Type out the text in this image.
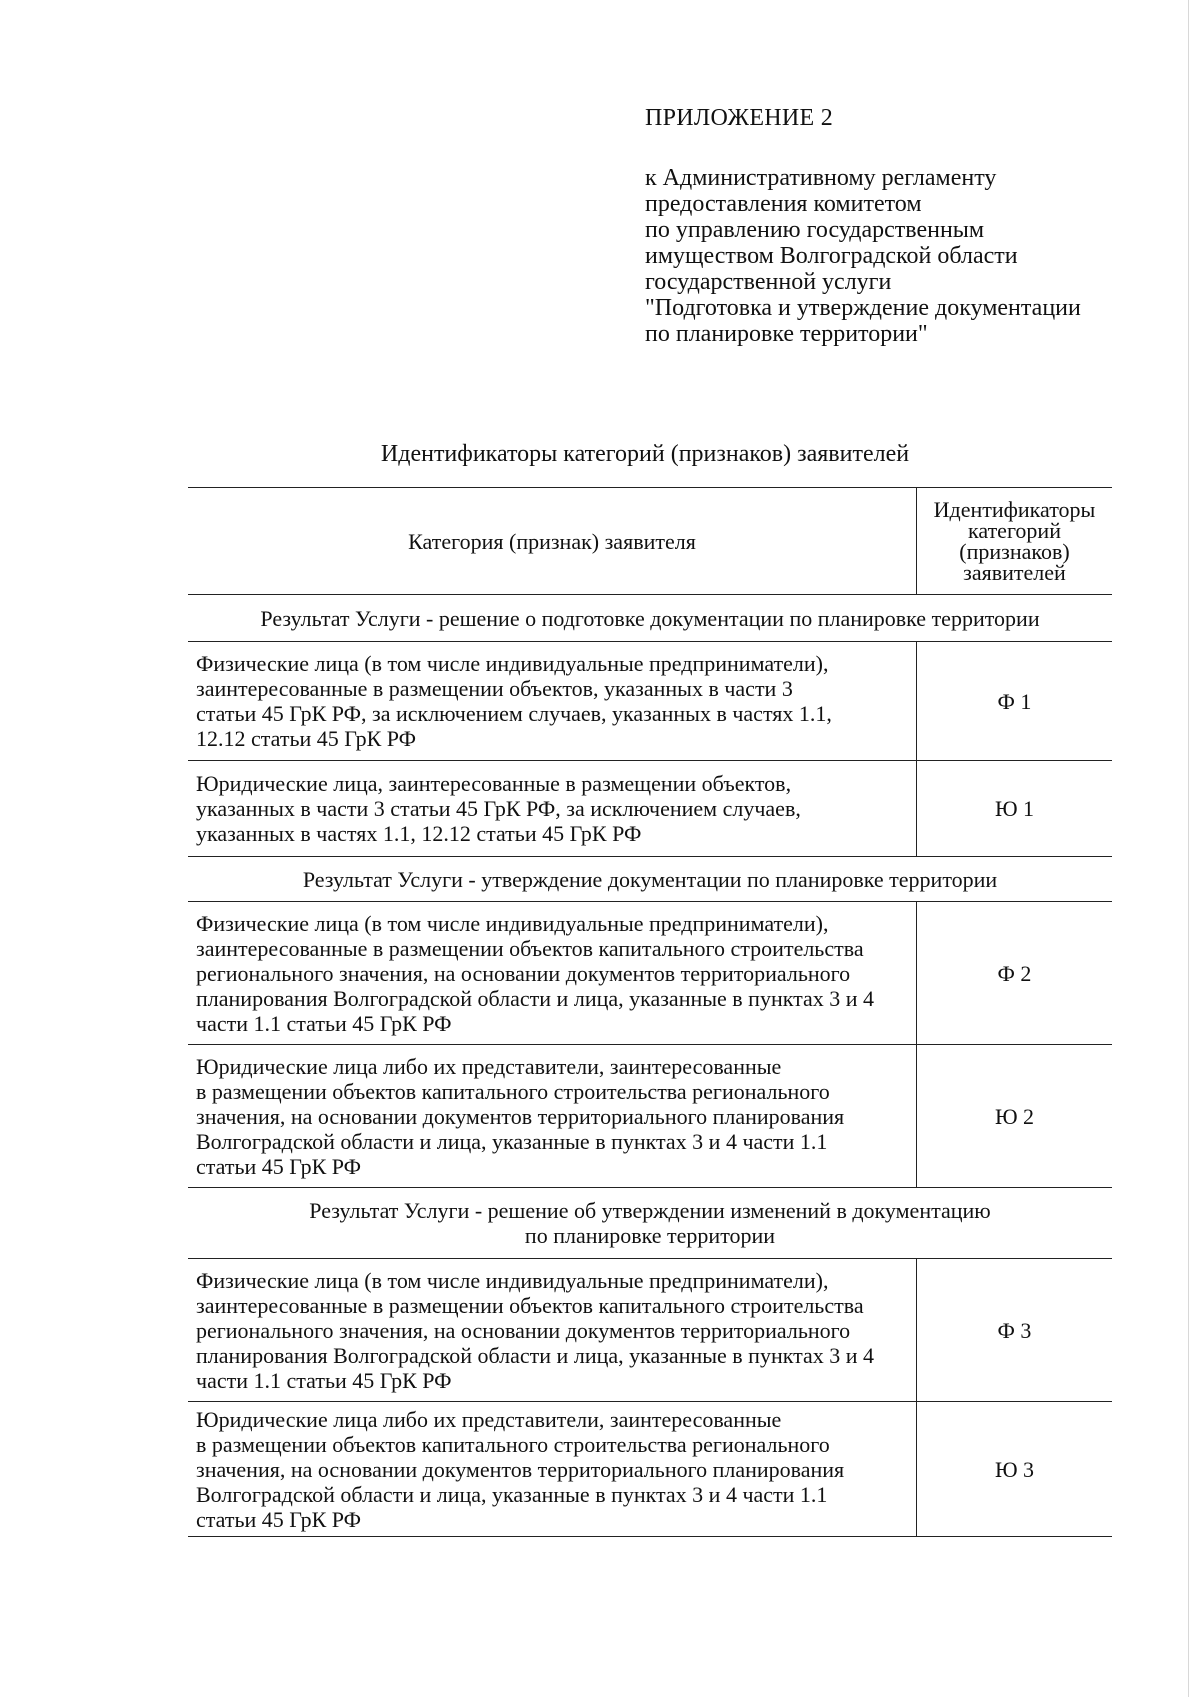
ПРИЛОЖЕНИЕ 2
к Административному регламенту
предоставления комитетом
по управлению государственным
имуществом Волгоградской области
государственной услуги
"Подготовка и утверждение документации
по планировке территории"
Идентификаторы категорий (признаков) заявителей
Категория (признак) заявителя	Идентификаторы
категорий
(признаков)
заявителей

Результат Услуги - решение о подготовке документации по планировке территории	

Физические лица (в том числе индивидуальные предприниматели),
заинтересованные в размещении объектов, указанных в части 3
статьи 45 ГрК РФ, за исключением случаев, указанных в частях 1.1,
12.12 статьи 45 ГрК РФ	Ф 1

Юридические лица, заинтересованные в размещении объектов,
указанных в части 3 статьи 45 ГрК РФ, за исключением случаев,
указанных в частях 1.1, 12.12 статьи 45 ГрК РФ	Ю 1

Результат Услуги - утверждение документации по планировке территории	

Физические лица (в том числе индивидуальные предприниматели),
заинтересованные в размещении объектов капитального строительства
регионального значения, на основании документов территориального
планирования Волгоградской области и лица, указанные в пунктах 3 и 4
части 1.1 статьи 45 ГрК РФ	Ф 2

Юридические лица либо их представители, заинтересованные
в размещении объектов капитального строительства регионального
значения, на основании документов территориального планирования
Волгоградской области и лица, указанные в пунктах 3 и 4 части 1.1
статьи 45 ГрК РФ	Ю 2

Результат Услуги - решение об утверждении изменений в документацию
по планировке территории	

Физические лица (в том числе индивидуальные предприниматели),
заинтересованные в размещении объектов капитального строительства
регионального значения, на основании документов территориального
планирования Волгоградской области и лица, указанные в пунктах 3 и 4
части 1.1 статьи 45 ГрК РФ	Ф 3

Юридические лица либо их представители, заинтересованные
в размещении объектов капитального строительства регионального
значения, на основании документов территориального планирования
Волгоградской области и лица, указанные в пунктах 3 и 4 части 1.1
статьи 45 ГрК РФ	Ю 3
